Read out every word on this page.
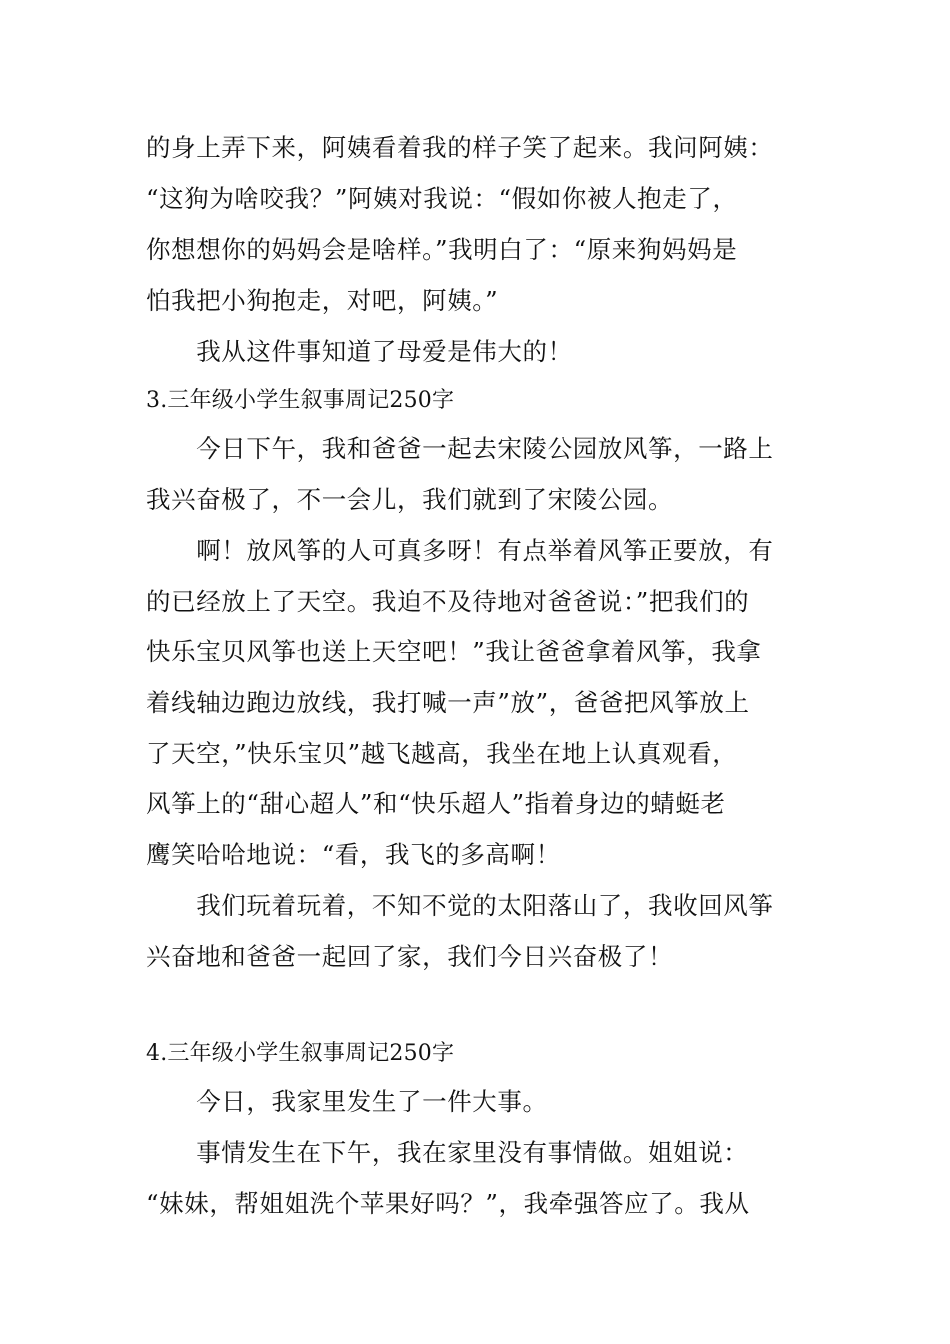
的身上弄下来，阿姨看着我的样子笑了起来。我问阿姨：
“这狗为啥咬我？”阿姨对我说：“假如你被人抱走了，
你想想你的妈妈会是啥样。”我明白了：“原来狗妈妈是
怕我把小狗抱走，对吧，阿姨。”
　　我从这件事知道了母爱是伟大的！
3.三年级小学生叙事周记250字
　　今日下午，我和爸爸一起去宋陵公园放风筝，一路上
我兴奋极了，不一会儿，我们就到了宋陵公园。
　　啊！放风筝的人可真多呀！有点举着风筝正要放，有
的已经放上了天空。我迫不及待地对爸爸说：”把我们的
快乐宝贝风筝也送上天空吧！”我让爸爸拿着风筝，我拿
着线轴边跑边放线，我打喊一声”放”，爸爸把风筝放上
了天空，”快乐宝贝”越飞越高，我坐在地上认真观看，
风筝上的“甜心超人”和“快乐超人”指着身边的蜻蜓老
鹰笑哈哈地说：“看，我飞的多高啊！
　　我们玩着玩着，不知不觉的太阳落山了，我收回风筝
兴奋地和爸爸一起回了家，我们今日兴奋极了！
4.三年级小学生叙事周记250字
　　今日，我家里发生了一件大事。
　　事情发生在下午，我在家里没有事情做。姐姐说：
“妹妹，帮姐姐洗个苹果好吗？”，我牵强答应了。我从
